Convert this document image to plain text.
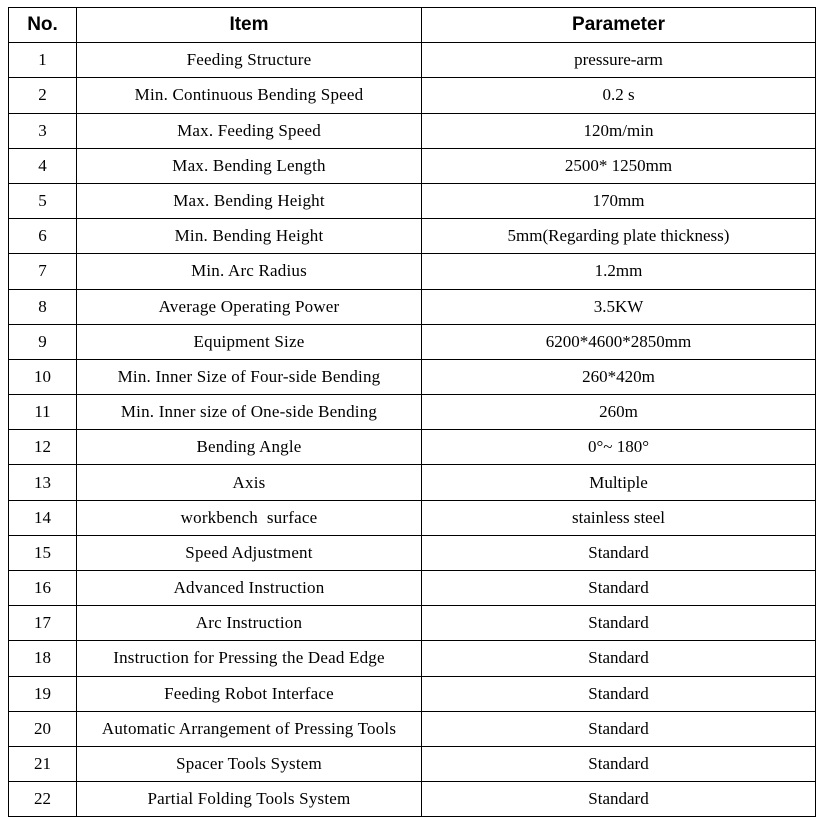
No.	Item	Parameter
1	Feeding Structure	pressure-arm
2	Min. Continuous Bending Speed	0.2 s
3	Max. Feeding Speed	120m/min
4	Max. Bending Length	2500* 1250mm
5	Max. Bending Height	170mm
6	Min. Bending Height	5mm(Regarding plate thickness)
7	Min. Arc Radius	1.2mm
8	Average Operating Power	3.5KW
9	Equipment Size	6200*4600*2850mm
10	Min. Inner Size of Four-side Bending	260*420m
11	Min. Inner size of One-side Bending	260m
12	Bending Angle	0°~ 180°
13	Axis	Multiple
14	workbench  surface	stainless steel
15	Speed Adjustment	Standard
16	Advanced Instruction	Standard
17	Arc Instruction	Standard
18	Instruction for Pressing the Dead Edge	Standard
19	Feeding Robot Interface	Standard
20	Automatic Arrangement of Pressing Tools	Standard
21	Spacer Tools System	Standard
22	Partial Folding Tools System	Standard
